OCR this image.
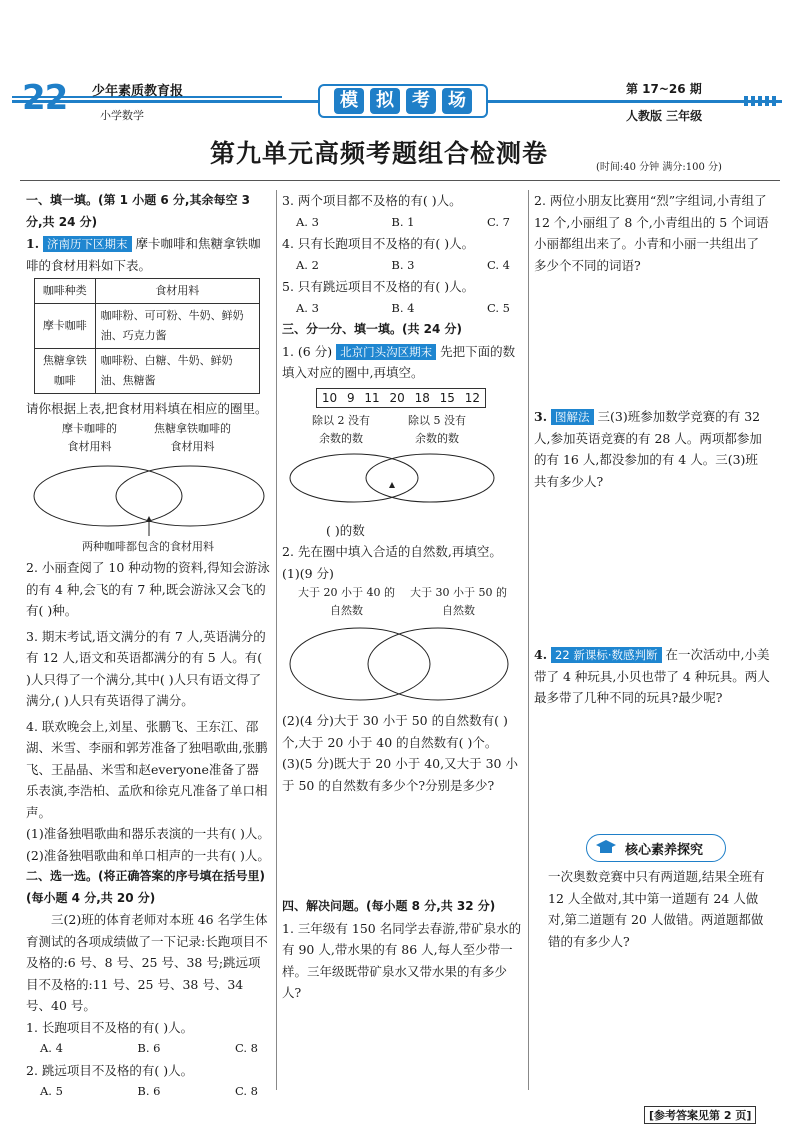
22 少年素质教育报
小学数学
模	拟	考	场
第 17~26 期
人教版 三年级
第九单元高频考题组合检测卷	(时间:40 分钟 满分:100 分)

一、填一填。(第 1 小题 6 分,其余每空 3 分,共 24 分)

1. 济南历下区期末 摩卡咖啡和焦糖拿铁咖啡的食材用料如下表。

咖啡种类	食材用料
摩卡咖啡	咖啡粉、可可粉、牛奶、鲜奶油、巧克力酱
焦糖拿铁咖啡	咖啡粉、白糖、牛奶、鲜奶油、焦糖酱

请你根据上表,把食材用料填在相应的圈里。

摩卡咖啡的
食材用料
焦糖拿铁咖啡的
食材用料

两种咖啡都包含的食材用料

2. 小丽查阅了 10 种动物的资料,得知会游泳的有 4 种,会飞的有 7 种,既会游泳又会飞的有( )种。

3. 期末考试,语文满分的有 7 人,英语满分的有 12 人,语文和英语都满分的有 5 人。有( )人只得了一个满分,其中( )人只有语文得了满分,( )人只有英语得了满分。

4. 联欢晚会上,刘星、张鹏飞、王东江、邵湖、米雪、李丽和郭芳准备了独唱歌曲,张鹏飞、王晶晶、米雪和赵everyone准备了器乐表演,李浩柏、孟欣和徐克凡准备了单口相声。

(1)准备独唱歌曲和器乐表演的一共有( )人。

(2)准备独唱歌曲和单口相声的一共有( )人。

二、选一选。(将正确答案的序号填在括号里)(每小题 4 分,共 20 分)

三(2)班的体育老师对本班 46 名学生体育测试的各项成绩做了一下记录:长跑项目不及格的:6 号、8 号、25 号、38 号;跳远项目不及格的:11 号、25 号、38 号、34 号、40 号。

1. 长跑项目不及格的有( )人。

A. 4	B. 6	C. 8

2. 跳远项目不及格的有( )人。

A. 5	B. 6	C. 8

3. 两个项目都不及格的有( )人。

A. 3	B. 1	C. 7

4. 只有长跑项目不及格的有( )人。

A. 2	B. 3	C. 4

5. 只有跳远项目不及格的有( )人。

A. 3	B. 4	C. 5

三、分一分、填一填。(共 24 分)

1. (6 分) 北京门头沟区期末 先把下面的数填入对应的圈中,再填空。

10 9 11 20 18 15 12
除以 2 没有
余数的数
除以 5 没有
余数的数

( )的数

2. 先在圈中填入合适的自然数,再填空。

(1)(9 分)

大于 20 小于 40 的
自然数
大于 30 小于 50 的
自然数

(2)(4 分)大于 30 小于 50 的自然数有( )个,大于 20 小于 40 的自然数有( )个。

(3)(5 分)既大于 20 小于 40,又大于 30 小于 50 的自然数有多少个?分别是多少?

四、解决问题。(每小题 8 分,共 32 分)

1. 三年级有 150 名同学去春游,带矿泉水的有 90 人,带水果的有 86 人,每人至少带一样。三年级既带矿泉水又带水果的有多少人?

2. 两位小朋友比赛用“烈”字组词,小青组了 12 个,小丽组了 8 个,小青组出的 5 个词语小丽都组出来了。小青和小丽一共组出了多少个不同的词语?

3. 图解法 三(3)班参加数学竞赛的有 32 人,参加英语竞赛的有 28 人。两项都参加的有 16 人,都没参加的有 4 人。三(3)班共有多少人?

4. 22 新课标·数感判断 在一次活动中,小美带了 4 种玩具,小贝也带了 4 种玩具。两人最多带了几种不同的玩具?最少呢?

核心素养探究
一次奥数竞赛中只有两道题,结果全班有 12 人全做对,其中第一道题有 24 人做对,第二道题有 20 人做错。两道题都做错的有多少人?
[参考答案见第 2 页]
